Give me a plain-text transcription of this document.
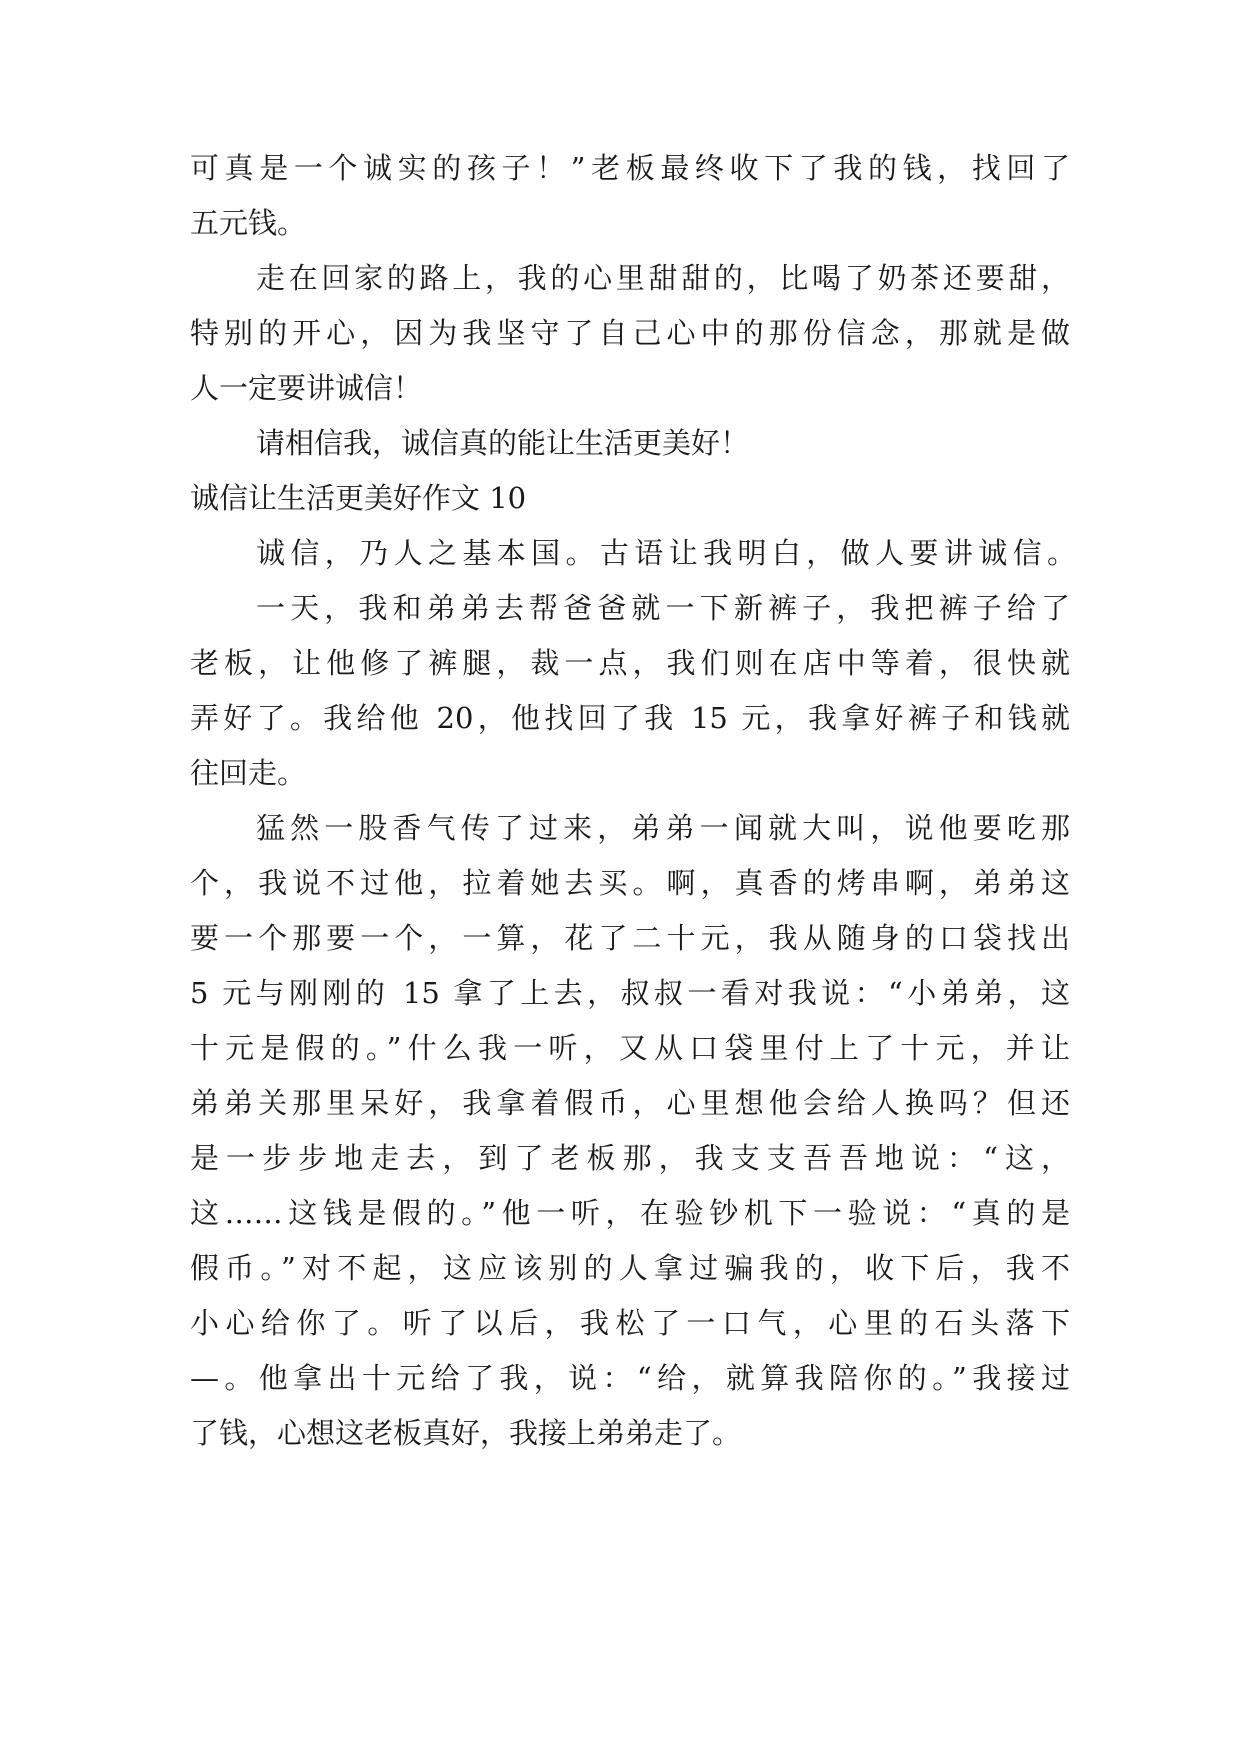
可真是一个诚实的孩子！”老板最终收下了我的钱，找回了
五元钱。
走在回家的路上，我的心里甜甜的，比喝了奶茶还要甜，
特别的开心，因为我坚守了自己心中的那份信念，那就是做
人一定要讲诚信！
请相信我，诚信真的能让生活更美好！
诚信让生活更美好作文 10
诚信，乃人之基本国。古语让我明白，做人要讲诚信。
一天，我和弟弟去帮爸爸就一下新裤子，我把裤子给了
老板，让他修了裤腿，裁一点，我们则在店中等着，很快就
弄好了。我给他 20，他找回了我 15 元，我拿好裤子和钱就
往回走。
猛然一股香气传了过来，弟弟一闻就大叫，说他要吃那
个，我说不过他，拉着她去买。啊，真香的烤串啊，弟弟这
要一个那要一个，一算，花了二十元，我从随身的口袋找出
5 元与刚刚的 15 拿了上去，叔叔一看对我说：“小弟弟，这
十元是假的。”什么我一听，又从口袋里付上了十元，并让
弟弟关那里呆好，我拿着假币，心里想他会给人换吗？但还
是一步步地走去，到了老板那，我支支吾吾地说：“这，
这……这钱是假的。”他一听，在验钞机下一验说：“真的是
假币。”对不起，这应该别的人拿过骗我的，收下后，我不
小心给你了。听了以后，我松了一口气，心里的石头落下
—。他拿出十元给了我，说：“给，就算我陪你的。”我接过
了钱，心想这老板真好，我接上弟弟走了。
